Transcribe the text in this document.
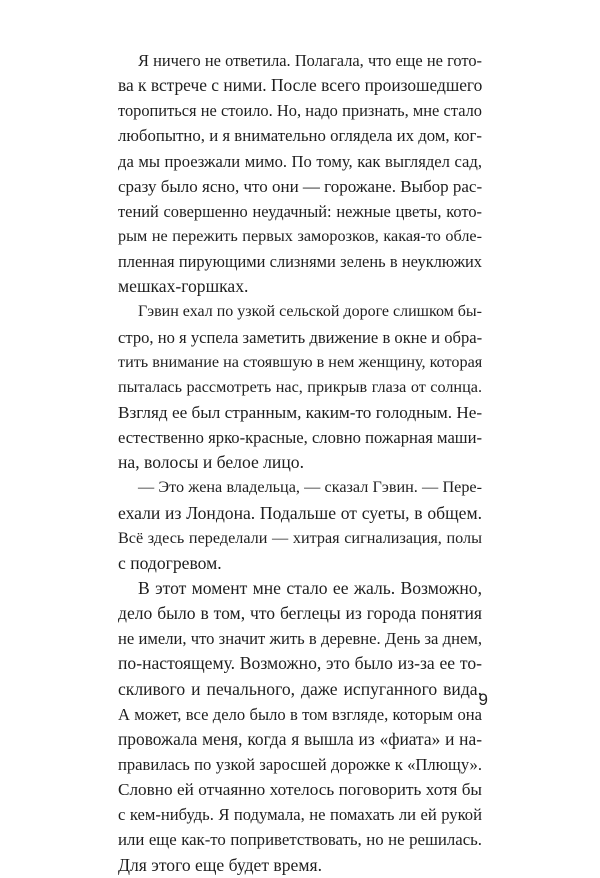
Я ничего не ответила. Полагала, что еще не гото-
ва к встрече с ними. После всего произошедшего
торопиться не стоило. Но, надо признать, мне стало
любопытно, и я внимательно оглядела их дом, ког-
да мы проезжали мимо. По тому, как выглядел сад,
сразу было ясно, что они — горожане. Выбор рас-
тений совершенно неудачный: нежные цветы, кото-
рым не пережить первых заморозков, какая-то обле-
пленная пирующими слизнями зелень в неуклюжих
мешках-горшках.
Гэвин ехал по узкой сельской дороге слишком бы-
стро, но я успела заметить движение в окне и обра-
тить внимание на стоявшую в нем женщину, которая
пыталась рассмотреть нас, прикрыв глаза от солнца.
Взгляд ее был странным, каким-то голодным. Не-
естественно ярко-красные, словно пожарная маши-
на, волосы и белое лицо.
— Это жена владельца, — сказал Гэвин. — Пере-
ехали из Лондона. Подальше от суеты, в общем.
Всё здесь переделали — хитрая сигнализация, полы
с подогревом.
В этот момент мне стало ее жаль. Возможно,
дело было в том, что беглецы из города понятия
не имели, что значит жить в деревне. День за днем,
по-настоящему. Возможно, это было из-за ее то-
скливого и печального, даже испуганного вида.
А может, все дело было в том взгляде, которым она
провожала меня, когда я вышла из «фиата» и на-
правилась по узкой заросшей дорожке к «Плющу».
Словно ей отчаянно хотелось поговорить хотя бы
с кем-нибудь. Я подумала, не помахать ли ей рукой
или еще как-то поприветствовать, но не решилась.
Для этого еще будет время.
9
